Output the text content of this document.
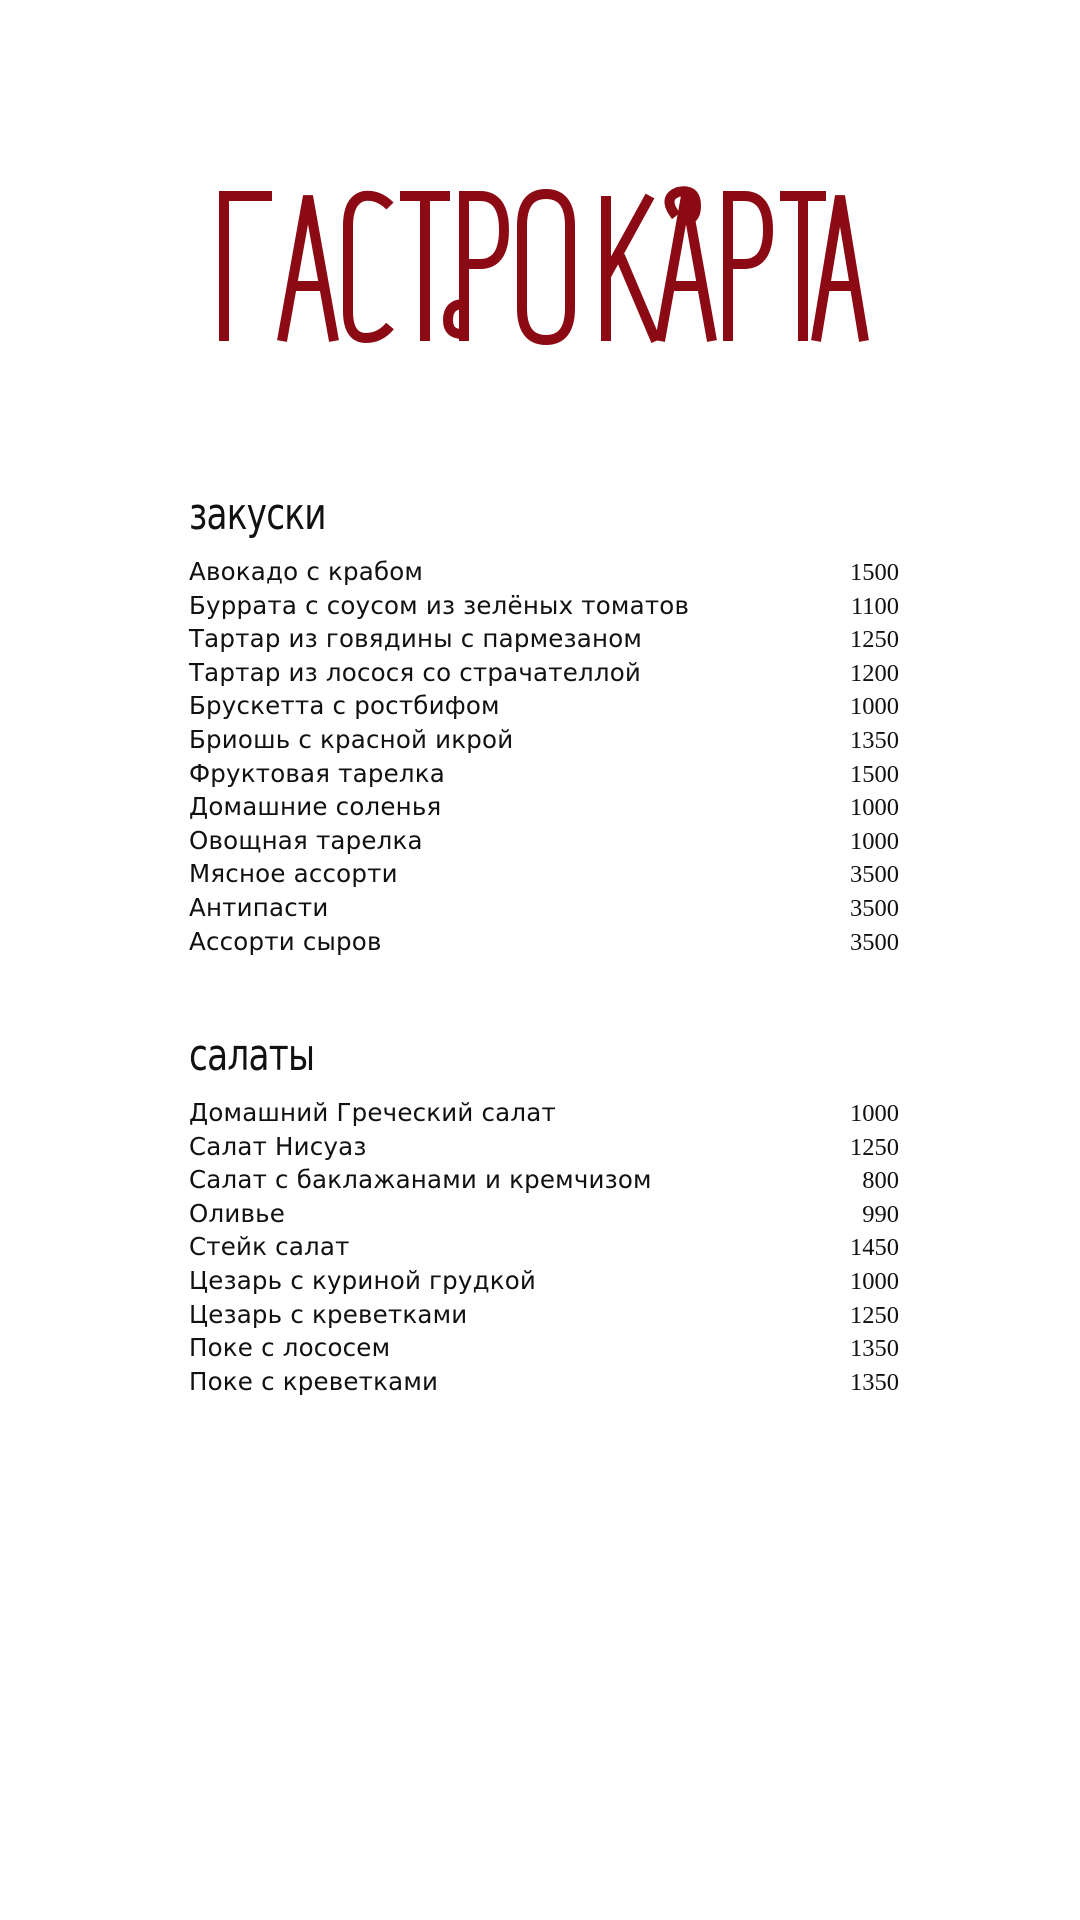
закуски
Авокадо с крабом	1500
Буррата с соусом из зелёных томатов	1100
Тартар из говядины с пармезаном	1250
Тартар из лосося со страчателлой	1200
Брускетта с ростбифом	1000
Бриошь с красной икрой	1350
Фруктовая тарелка	1500
Домашние соленья	1000
Овощная тарелка	1000
Мясное ассорти	3500
Антипасти	3500
Ассорти сыров	3500
салаты
Домашний Греческий салат	1000
Салат Нисуаз	1250
Салат с баклажанами и кремчизом	800
Оливье	990
Стейк салат	1450
Цезарь с куриной грудкой	1000
Цезарь с креветками	1250
Поке с лососем	1350
Поке с креветками	1350
